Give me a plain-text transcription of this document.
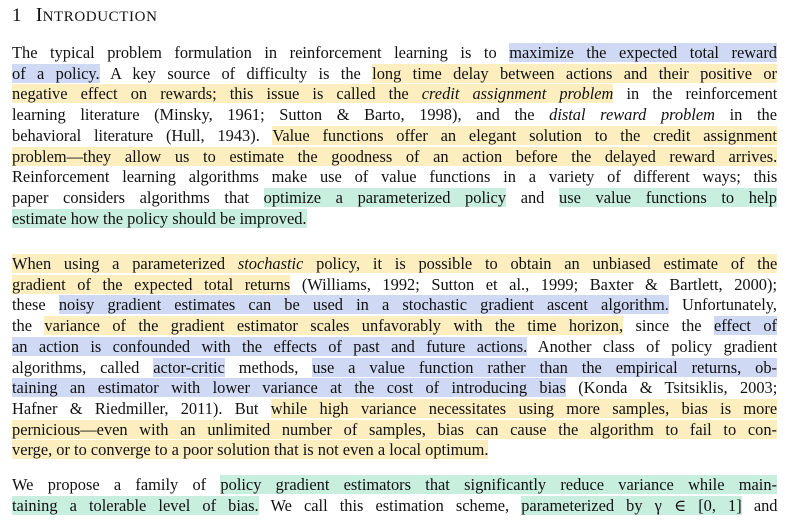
1 INTRODUCTION

The typical problem formulation in reinforcement learning is to maximize the expected total reward
of a policy. A key source of difficulty is the long time delay between actions and their positive or
negative effect on rewards; this issue is called the credit assignment problem in the reinforcement
learning literature (Minsky, 1961; Sutton & Barto, 1998), and the distal reward problem in the
behavioral literature (Hull, 1943). Value functions offer an elegant solution to the credit assignment
problem—they allow us to estimate the goodness of an action before the delayed reward arrives.
Reinforcement learning algorithms make use of value functions in a variety of different ways; this
paper considers algorithms that optimize a parameterized policy and use value functions to help
estimate how the policy should be improved.

When using a parameterized stochastic policy, it is possible to obtain an unbiased estimate of the
gradient of the expected total returns (Williams, 1992; Sutton et al., 1999; Baxter & Bartlett, 2000);
these noisy gradient estimates can be used in a stochastic gradient ascent algorithm. Unfortunately,
the variance of the gradient estimator scales unfavorably with the time horizon, since the effect of
an action is confounded with the effects of past and future actions. Another class of policy gradient
algorithms, called actor-critic methods, use a value function rather than the empirical returns, ob-
taining an estimator with lower variance at the cost of introducing bias (Konda & Tsitsiklis, 2003;
Hafner & Riedmiller, 2011). But while high variance necessitates using more samples, bias is more
pernicious—even with an unlimited number of samples, bias can cause the algorithm to fail to con-
verge, or to converge to a poor solution that is not even a local optimum.

We propose a family of policy gradient estimators that significantly reduce variance while main-
taining a tolerable level of bias. We call this estimation scheme, parameterized by γ ∈ [0, 1] and
